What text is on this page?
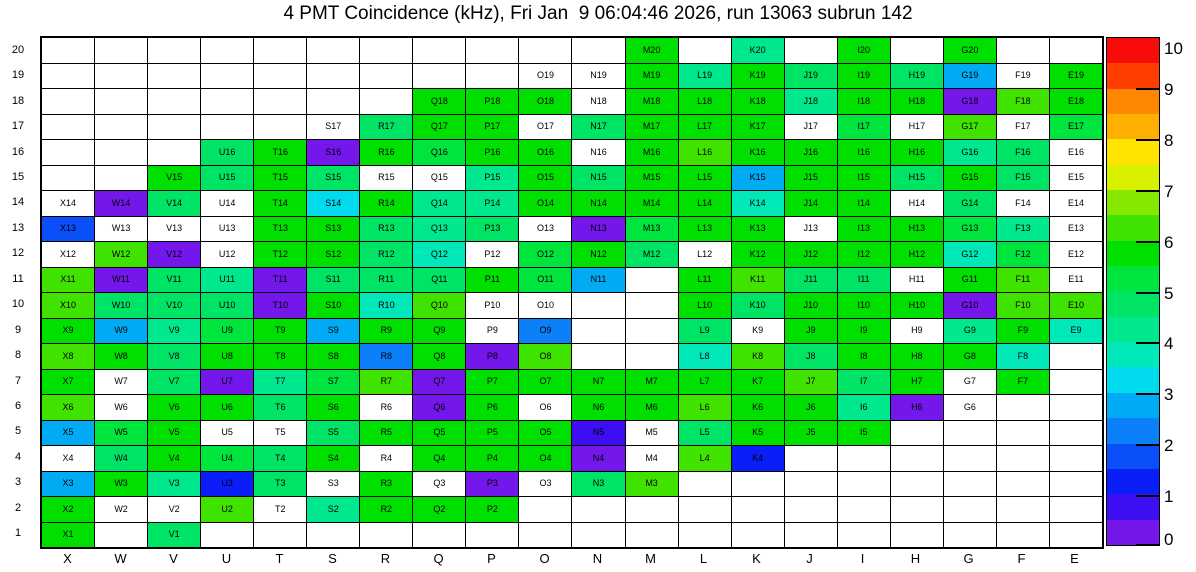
4 PMT Coincidence (kHz), Fri Jan  9 06:04:46 2026, run 13063 subrun 142
M20	K20	I20	G20
O19	N19	M19	L19	K19	J19	I19	H19	G19	F19	E19
Q18	P18	O18	N18	M18	L18	K18	J18	I18	H18	G18	F18	E18
S17	R17	Q17	P17	O17	N17	M17	L17	K17	J17	I17	H17	G17	F17	E17
U16	T16	S16	R16	Q16	P16	O16	N16	M16	L16	K16	J16	I16	H16	G16	F16	E16
V15	U15	T15	S15	R15	Q15	P15	O15	N15	M15	L15	K15	J15	I15	H15	G15	F15	E15
X14	W14	V14	U14	T14	S14	R14	Q14	P14	O14	N14	M14	L14	K14	J14	I14	H14	G14	F14	E14
X13	W13	V13	U13	T13	S13	R13	Q13	P13	O13	N13	M13	L13	K13	J13	I13	H13	G13	F13	E13
X12	W12	V12	U12	T12	S12	R12	Q12	P12	O12	N12	M12	L12	K12	J12	I12	H12	G12	F12	E12
X11	W11	V11	U11	T11	S11	R11	Q11	P11	O11	N11	L11	K11	J11	I11	H11	G11	F11	E11
X10	W10	V10	U10	T10	S10	R10	Q10	P10	O10	L10	K10	J10	I10	H10	G10	F10	E10
X9	W9	V9	U9	T9	S9	R9	Q9	P9	O9	L9	K9	J9	I9	H9	G9	F9	E9
X8	W8	V8	U8	T8	S8	R8	Q8	P8	O8	L8	K8	J8	I8	H8	G8	F8
X7	W7	V7	U7	T7	S7	R7	Q7	P7	O7	N7	M7	L7	K7	J7	I7	H7	G7	F7
X6	W6	V6	U6	T6	S6	R6	Q6	P6	O6	N6	M6	L6	K6	J6	I6	H6	G6
X5	W5	V5	U5	T5	S5	R5	Q5	P5	O5	N5	M5	L5	K5	J5	I5
X4	W4	V4	U4	T4	S4	R4	Q4	P4	O4	N4	M4	L4	K4
X3	W3	V3	U3	T3	S3	R3	Q3	P3	O3	N3	M3
X2	W2	V2	U2	T2	S2	R2	Q2	P2
X1	V1
20
19
18
17
16
15
14
13
12
11
10
9
8
7
6
5
4
3
2
1
X	W	V	U	T	S	R	Q	P	O	N	M	L	K	J	I	H	G	F	E
10
9
8
7
6
5
4
3
2
1
0
